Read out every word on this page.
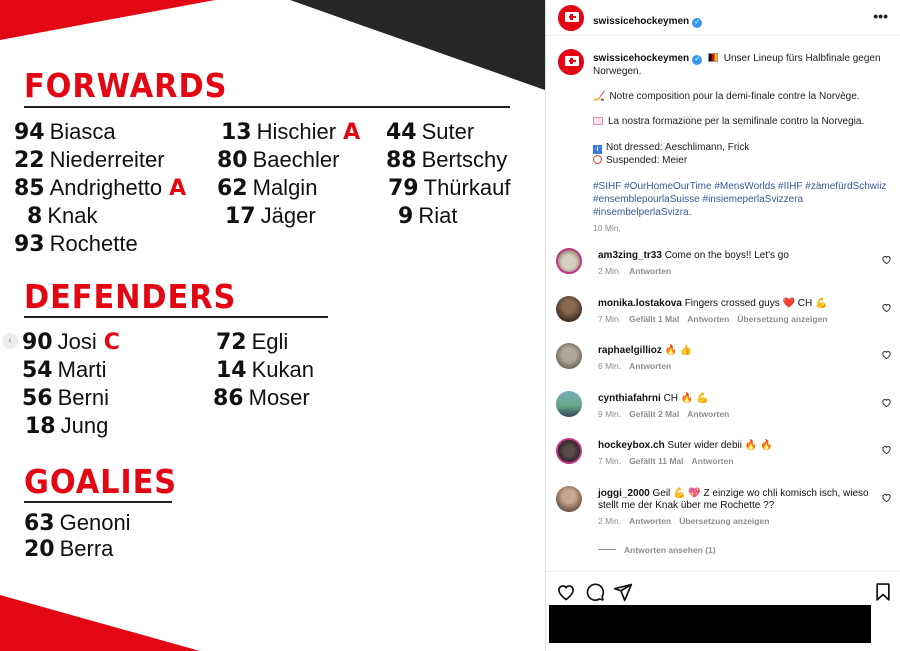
‹
FORWARDS
94 Biasca
22 Niederreiter
85 Andrighetto A
8 Knak
93 Rochette
13 Hischier A
80 Baechler
62 Malgin
17 Jäger
44 Suter
88 Bertschy
79 Thürkauf
9 Riat
DEFENDERS
90 Josi C
54 Marti
56 Berni
18 Jung
72 Egli
14 Kukan
86 Moser
GOALIES
63 Genoni
20 Berra
swissicehockeymen ✓	•••
swissicehockeymen ✓ Unser Lineup fürs Halbfinale gegen Norwegen.
🏒 Notre composition pour la demi-finale contre la Norvège.
La nostra formazione per la semifinale contro la Norvegia.
i Not dressed: Aeschlimann, Frick
Suspended: Meier
#SIHF #OurHomeOurTime #MensWorlds #IIHF #zämefürdSchwiiz #ensemblepourlaSuisse #insiemeperlaSvizzera #insembelperlaSvizra.
10 Min.
am3zing_tr33 Come on the boys!! Let's go
2 Min. Antworten
monika.lostakova Fingers crossed guys ❤️ CH 💪
7 Min. Gefällt 1 Mal Antworten Übersetzung anzeigen
raphaelgillioz 🔥 👍
6 Min. Antworten
cynthiafahrni CH 🔥 💪
9 Min. Gefällt 2 Mal Antworten
hockeybox.ch Suter wider debii 🔥 🔥
7 Min. Gefällt 11 Mal Antworten
joggi_2000 Geil 💪 💖 Z einzige wo chli komisch isch, wieso stellt me der Knak über me Rochette ??
2 Min. Antworten Übersetzung anzeigen
Antworten ansehen (1)
